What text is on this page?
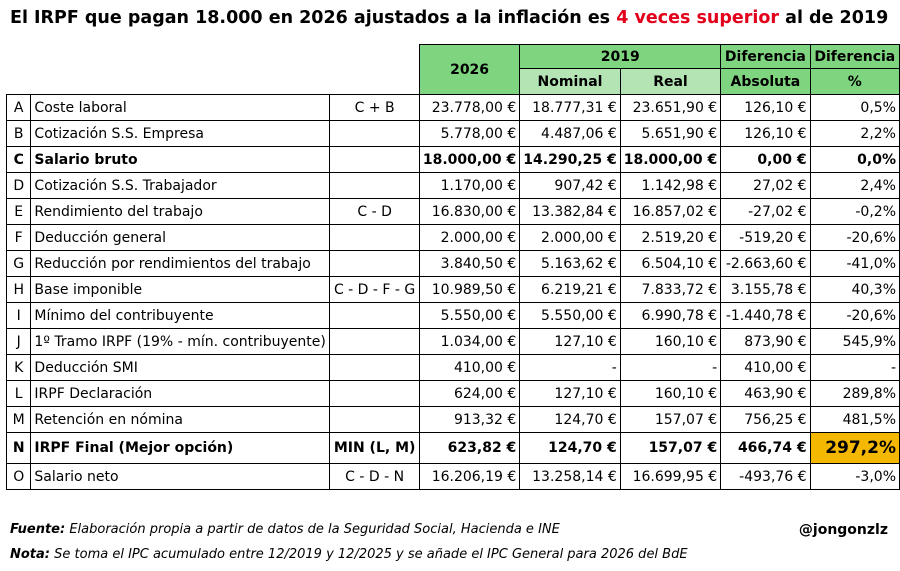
El IRPF que pagan 18.000 en 2026 ajustados a la inflación es 4 veces superior al de 2019
			2026	2019		Diferencia	Diferencia
				Nominal	Real	Absoluta	%
A	Coste laboral	C + B	23.778,00 €	18.777,31 €	23.651,90 €	126,10 €	0,5%
B	Cotización S.S. Empresa		5.778,00 €	4.487,06 €	5.651,90 €	126,10 €	2,2%
C	Salario bruto		18.000,00 €	14.290,25 €	18.000,00 €	0,00 €	0,0%
D	Cotización S.S. Trabajador		1.170,00 €	907,42 €	1.142,98 €	27,02 €	2,4%
E	Rendimiento del trabajo	C - D	16.830,00 €	13.382,84 €	16.857,02 €	-27,02 €	-0,2%
F	Deducción general		2.000,00 €	2.000,00 €	2.519,20 €	-519,20 €	-20,6%
G	Reducción por rendimientos del trabajo		3.840,50 €	5.163,62 €	6.504,10 €	-2.663,60 €	-41,0%
H	Base imponible	C - D - F - G	10.989,50 €	6.219,21 €	7.833,72 €	3.155,78 €	40,3%
I	Mínimo del contribuyente		5.550,00 €	5.550,00 €	6.990,78 €	-1.440,78 €	-20,6%
J	1º Tramo IRPF (19% - mín. contribuyente)		1.034,00 €	127,10 €	160,10 €	873,90 €	545,9%
K	Deducción SMI		410,00 €	-	-	410,00 €	-
L	IRPF Declaración		624,00 €	127,10 €	160,10 €	463,90 €	289,8%
M	Retención en nómina		913,32 €	124,70 €	157,07 €	756,25 €	481,5%
N	IRPF Final (Mejor opción)	MIN (L, M)	623,82 €	124,70 €	157,07 €	466,74 €	297,2%
O	Salario neto	C - D - N	16.206,19 €	13.258,14 €	16.699,95 €	-493,76 €	-3,0%
Fuente: Elaboración propia a partir de datos de la Seguridad Social, Hacienda e INE	@jongonzlz
Nota: Se toma el IPC acumulado entre 12/2019 y 12/2025 y se añade el IPC General para 2026 del BdE
